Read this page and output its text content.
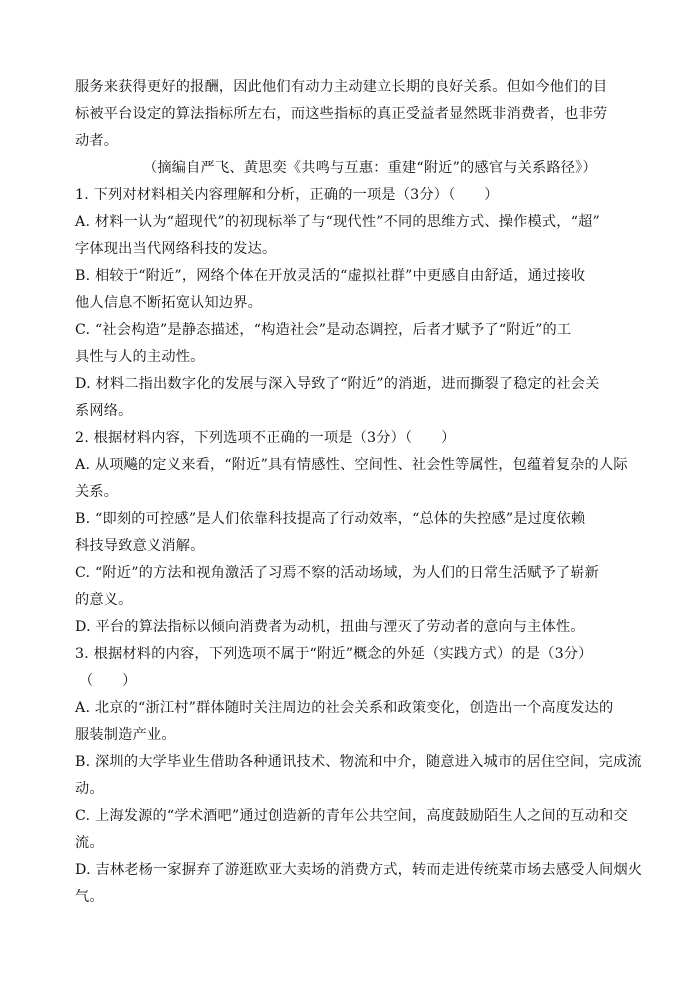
服务来获得更好的报酬，因此他们有动力主动建立长期的良好关系。但如今他们的目
标被平台设定的算法指标所左右，而这些指标的真正受益者显然既非消费者，也非劳
动者。
（摘编自严飞、黄思奕《共鸣与互惠：重建“附近”的感官与关系路径》）
1. 下列对材料相关内容理解和分析，正确的一项是（3分）（　　）
A. 材料一认为“超现代”的初现标举了与“现代性”不同的思维方式、操作模式，“超”
字体现出当代网络科技的发达。
B. 相较于“附近”，网络个体在开放灵活的“虚拟社群”中更感自由舒适，通过接收
他人信息不断拓宽认知边界。
C. “社会构造”是静态描述，“构造社会”是动态调控，后者才赋予了“附近”的工
具性与人的主动性。
D. 材料二指出数字化的发展与深入导致了“附近”的消逝，进而撕裂了稳定的社会关
系网络。
2. 根据材料内容，下列选项不正确的一项是（3分）（　　）
A. 从项飚的定义来看，“附近”具有情感性、空间性、社会性等属性，包蕴着复杂的人际
关系。
B. “即刻的可控感”是人们依靠科技提高了行动效率，“总体的失控感”是过度依赖
科技导致意义消解。
C. “附近”的方法和视角激活了习焉不察的活动场域，为人们的日常生活赋予了崭新
的意义。
D. 平台的算法指标以倾向消费者为动机，扭曲与湮灭了劳动者的意向与主体性。
3. 根据材料的内容，下列选项不属于“附近”概念的外延（实践方式）的是（3分）
（　　）
A. 北京的“浙江村”群体随时关注周边的社会关系和政策变化，创造出一个高度发达的
服装制造产业。
B. 深圳的大学毕业生借助各种通讯技术、物流和中介，随意进入城市的居住空间，完成流
动。
C. 上海发源的“学术酒吧”通过创造新的青年公共空间，高度鼓励陌生人之间的互动和交
流。
D. 吉林老杨一家摒弃了游逛欧亚大卖场的消费方式，转而走进传统菜市场去感受人间烟火
气。
